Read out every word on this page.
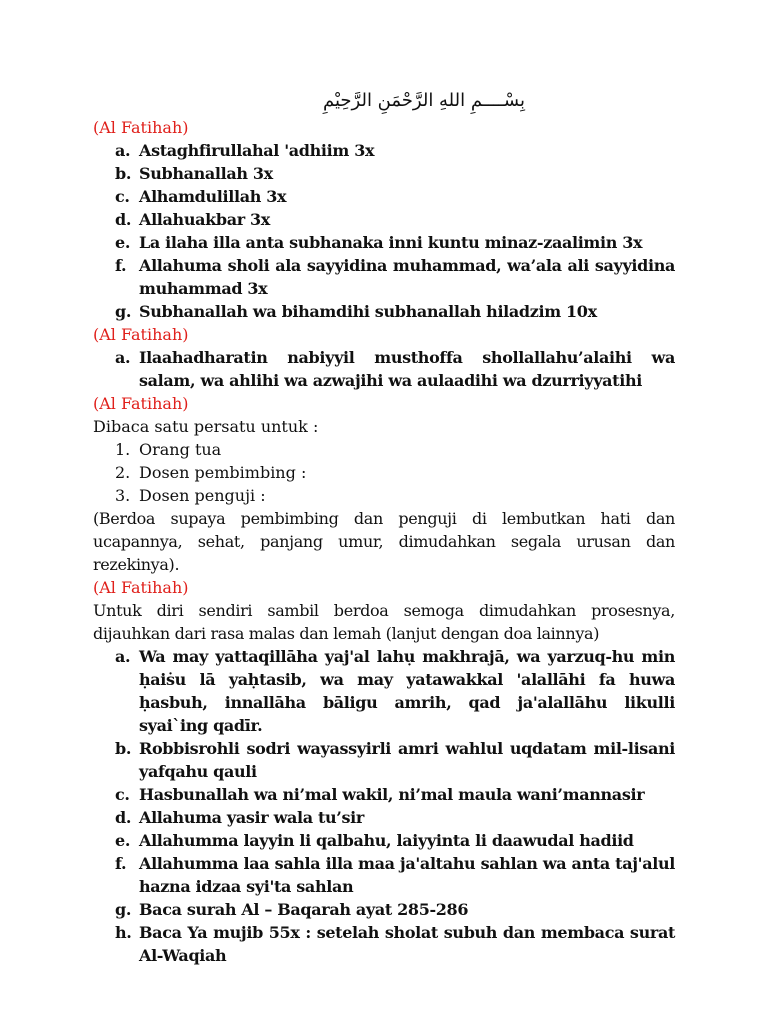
بِسْــــمِ اللهِ الرَّحْمَنِ الرَّحِيْمِ
(Al Fatihah)
a. Astaghfirullahal 'adhiim 3x
b. Subhanallah 3x
c. Alhamdulillah 3x
d. Allahuakbar 3x
e. La ilaha illa anta subhanaka inni kuntu minaz-zaalimin 3x
f. Allahuma sholi ala sayyidina muhammad, wa’ala ali sayyidina muhammad 3x
g. Subhanallah wa bihamdihi subhanallah hiladzim 10x
(Al Fatihah)
a. Ilaahadharatin nabiyyil musthoffa shollallahu’alaihi wa salam, wa ahlihi wa azwajihi wa aulaadihi wa dzurriyyatihi
(Al Fatihah)
Dibaca satu persatu untuk :
1. Orang tua
2. Dosen pembimbing :
3. Dosen penguji :
(Berdoa supaya pembimbing dan penguji di lembutkan hati dan ucapannya, sehat, panjang umur, dimudahkan segala urusan dan rezekinya).
(Al Fatihah)
Untuk diri sendiri sambil berdoa semoga dimudahkan prosesnya, dijauhkan dari rasa malas dan lemah (lanjut dengan doa lainnya)
a. Wa may yattaqillāha yaj'al lahụ makhrajā, wa yarzuq-hu min ḥaiṡu lā yaḥtasib, wa may yatawakkal 'alallāhi fa huwa ḥasbuh, innallāha bāligu amrih, qad ja'alallāhu likulli syai`ing qadīr.
b. Robbisrohli sodri wayassyirli amri wahlul uqdatam mil-lisani yafqahu qauli
c. Hasbunallah wa ni’mal wakil, ni’mal maula wani’mannasir
d. Allahuma yasir wala tu’sir
e. Allahumma layyin li qalbahu, laiyyinta li daawudal hadiid
f. Allahumma laa sahla illa maa ja'altahu sahlan wa anta taj'alul hazna idzaa syi'ta sahlan
g. Baca surah Al – Baqarah ayat 285-286
h. Baca Ya mujib 55x : setelah sholat subuh dan membaca surat Al-Waqiah
